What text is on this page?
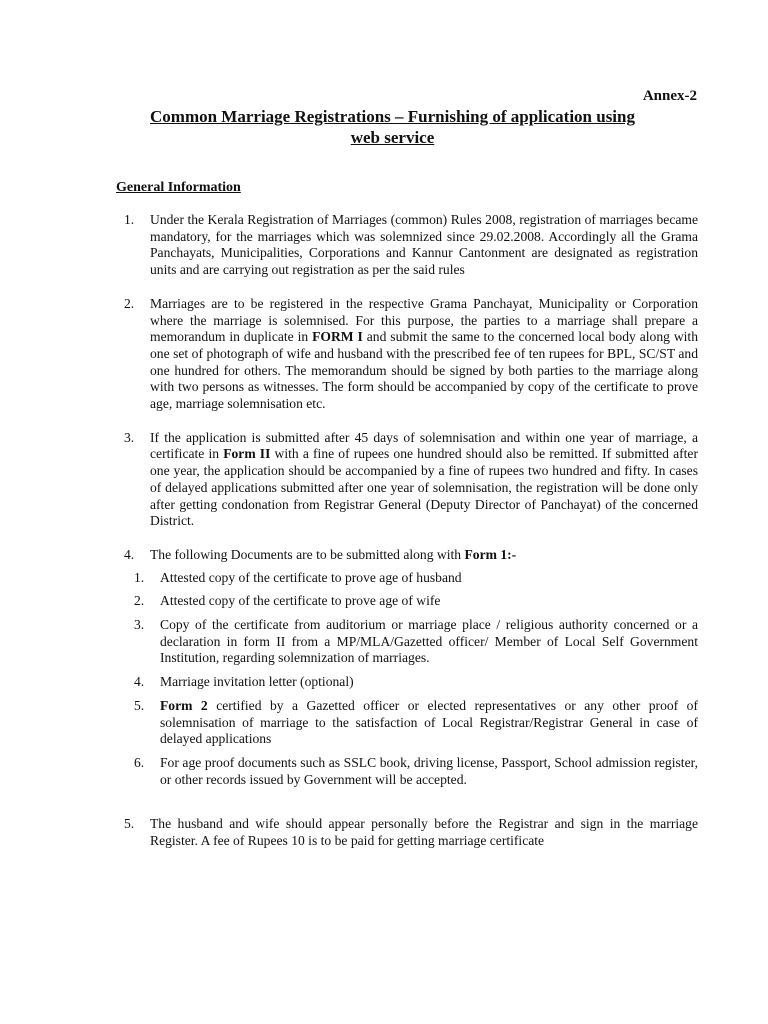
Annex-2
Common Marriage Registrations – Furnishing of application using
web service
General Information
1.	Under the Kerala Registration of Marriages (common) Rules 2008, registration of marriages became mandatory, for the marriages which was solemnized since 29.02.2008. Accordingly all the Grama Panchayats, Municipalities, Corporations and Kannur Cantonment are designated as registration units and are carrying out registration as per the said rules
2.	Marriages are to be registered in the respective Grama Panchayat, Municipality or Corporation where the marriage is solemnised. For this purpose, the parties to a marriage shall prepare a memorandum in duplicate in FORM I and submit the same to the concerned local body along with one set of photograph of wife and husband with the prescribed fee of ten rupees for BPL, SC/ST and one hundred for others. The memorandum should be signed by both parties to the marriage along with two persons as witnesses. The form should be accompanied by copy of the certificate to prove age, marriage solemnisation etc.
3.	If the application is submitted after 45 days of solemnisation and within one year of marriage, a certificate in Form II with a fine of rupees one hundred should also be remitted. If submitted after one year, the application should be accompanied by a fine of rupees two hundred and fifty. In cases of delayed applications submitted after one year of solemnisation, the registration will be done only after getting condonation from Registrar General (Deputy Director of Panchayat) of the concerned District.
4.	The following Documents are to be submitted along with Form 1:-
1.	Attested copy of the certificate to prove age of husband
2.	Attested copy of the certificate to prove age of wife
3.	Copy of the certificate from auditorium or marriage place / religious authority concerned or a declaration in form II from a MP/MLA/Gazetted officer/ Member of Local Self Government Institution, regarding solemnization of marriages.
4.	Marriage invitation letter (optional)
5.	Form 2 certified by a Gazetted officer or elected representatives or any other proof of solemnisation of marriage to the satisfaction of Local Registrar/Registrar General in case of delayed applications
6.	For age proof documents such as SSLC book, driving license, Passport, School admission register, or other records issued by Government will be accepted.
5.	The husband and wife should appear personally before the Registrar and sign in the marriage Register. A fee of Rupees 10 is to be paid for getting marriage certificate
